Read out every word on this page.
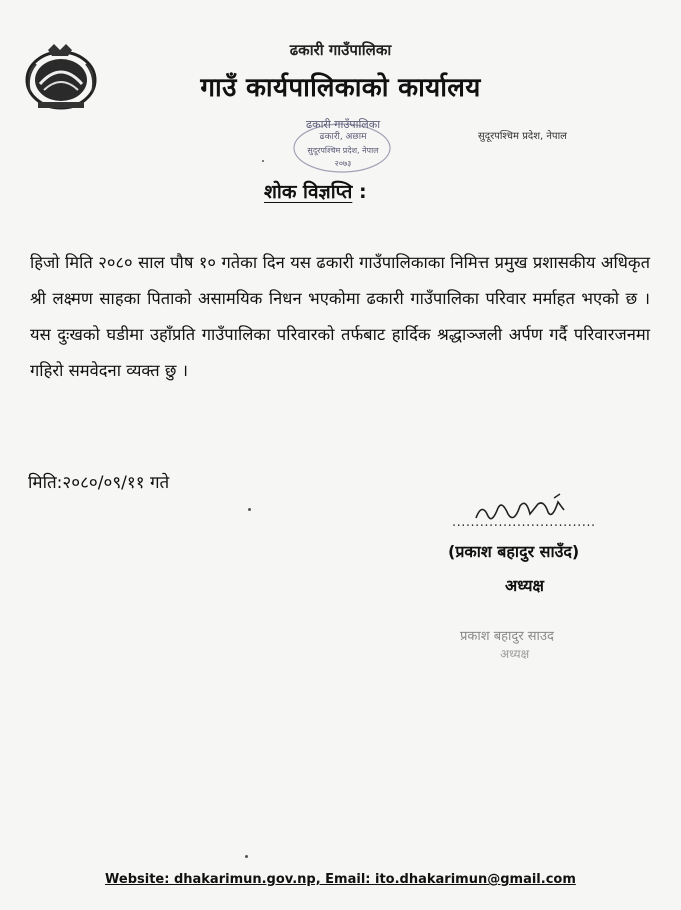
ढकारी गाउँपालिका
गाउँ कार्यपालिकाको कार्यालय
ढकारी गाउँपालिका
ढकारी, अछाम
सुदूरपश्चिम प्रदेश, नेपाल
२०७३
सुदूरपश्चिम प्रदेश, नेपाल
शोक विज्ञप्ति :
हिजो मिति २०८० साल पौष १० गतेका दिन यस ढकारी गाउँपालिकाका निमित्त प्रमुख प्रशासकीय अधिकृत श्री लक्ष्मण साहका पिताको असामयिक निधन भएकोमा ढकारी गाउँपालिका परिवार मर्माहत भएको छ । यस दुःखको घडीमा उहाँप्रति गाउँपालिका परिवारको तर्फबाट हार्दिक श्रद्धाञ्जली अर्पण गर्दै परिवारजनमा गहिरो समवेदना व्यक्त छु ।
मिति:२०८०/०९/११ गते
...............................
(प्रकाश बहादुर साउँद)
अध्यक्ष
प्रकाश बहादुर साउद
अध्यक्ष
Website: dhakarimun.gov.np, Email: ito.dhakarimun@gmail.com
